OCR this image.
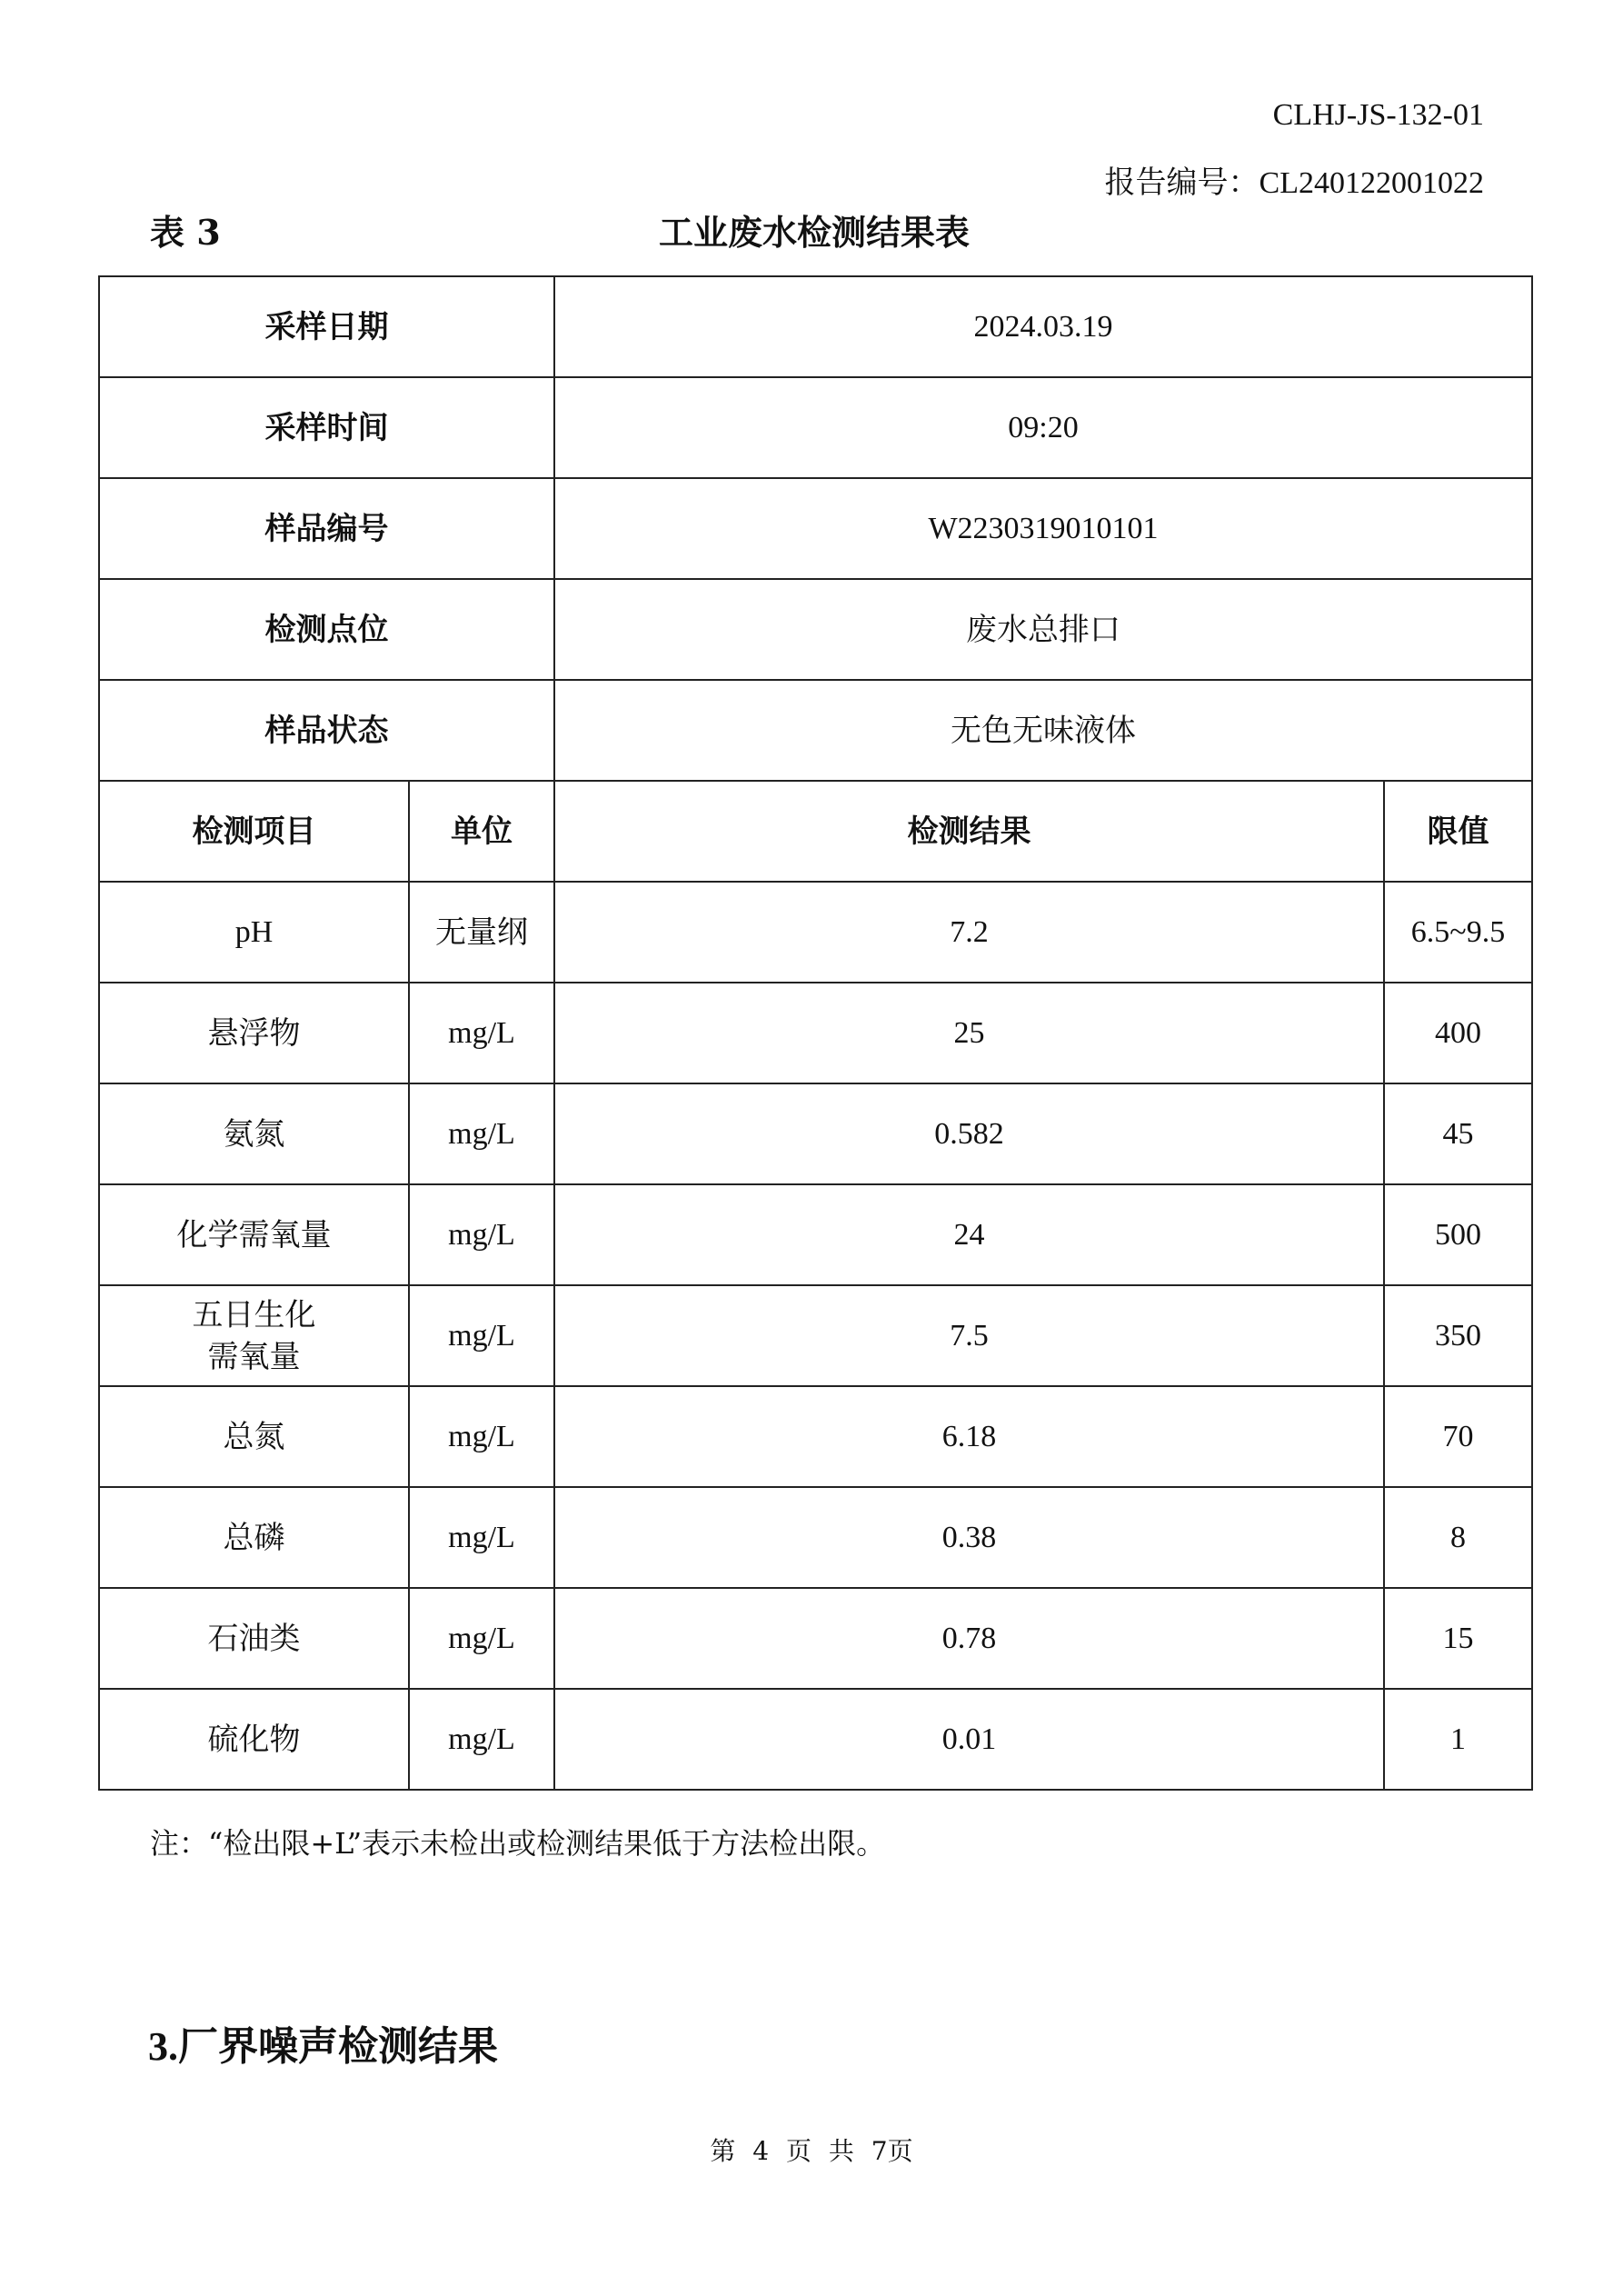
CLHJ-JS-132-01
报告编号：CL240122001022
表 3	工业废水检测结果表
采样日期		2024.03.19	
采样时间		09:20	
样品编号		W2230319010101	
检测点位		废水总排口	
样品状态		无色无味液体	
检测项目	单位	检测结果	限值
pH	无量纲	7.2	6.5~9.5
悬浮物	mg/L	25	400
氨氮	mg/L	0.582	45
化学需氧量	mg/L	24	500

五日生化
需氧量	mg/L	7.5	350
总氮	mg/L	6.18	70
总磷	mg/L	0.38	8
石油类	mg/L	0.78	15
硫化物	mg/L	0.01	1
注：“检出限+L”表示未检出或检测结果低于方法检出限。
3.厂界噪声检测结果
第 4 页 共 7页
